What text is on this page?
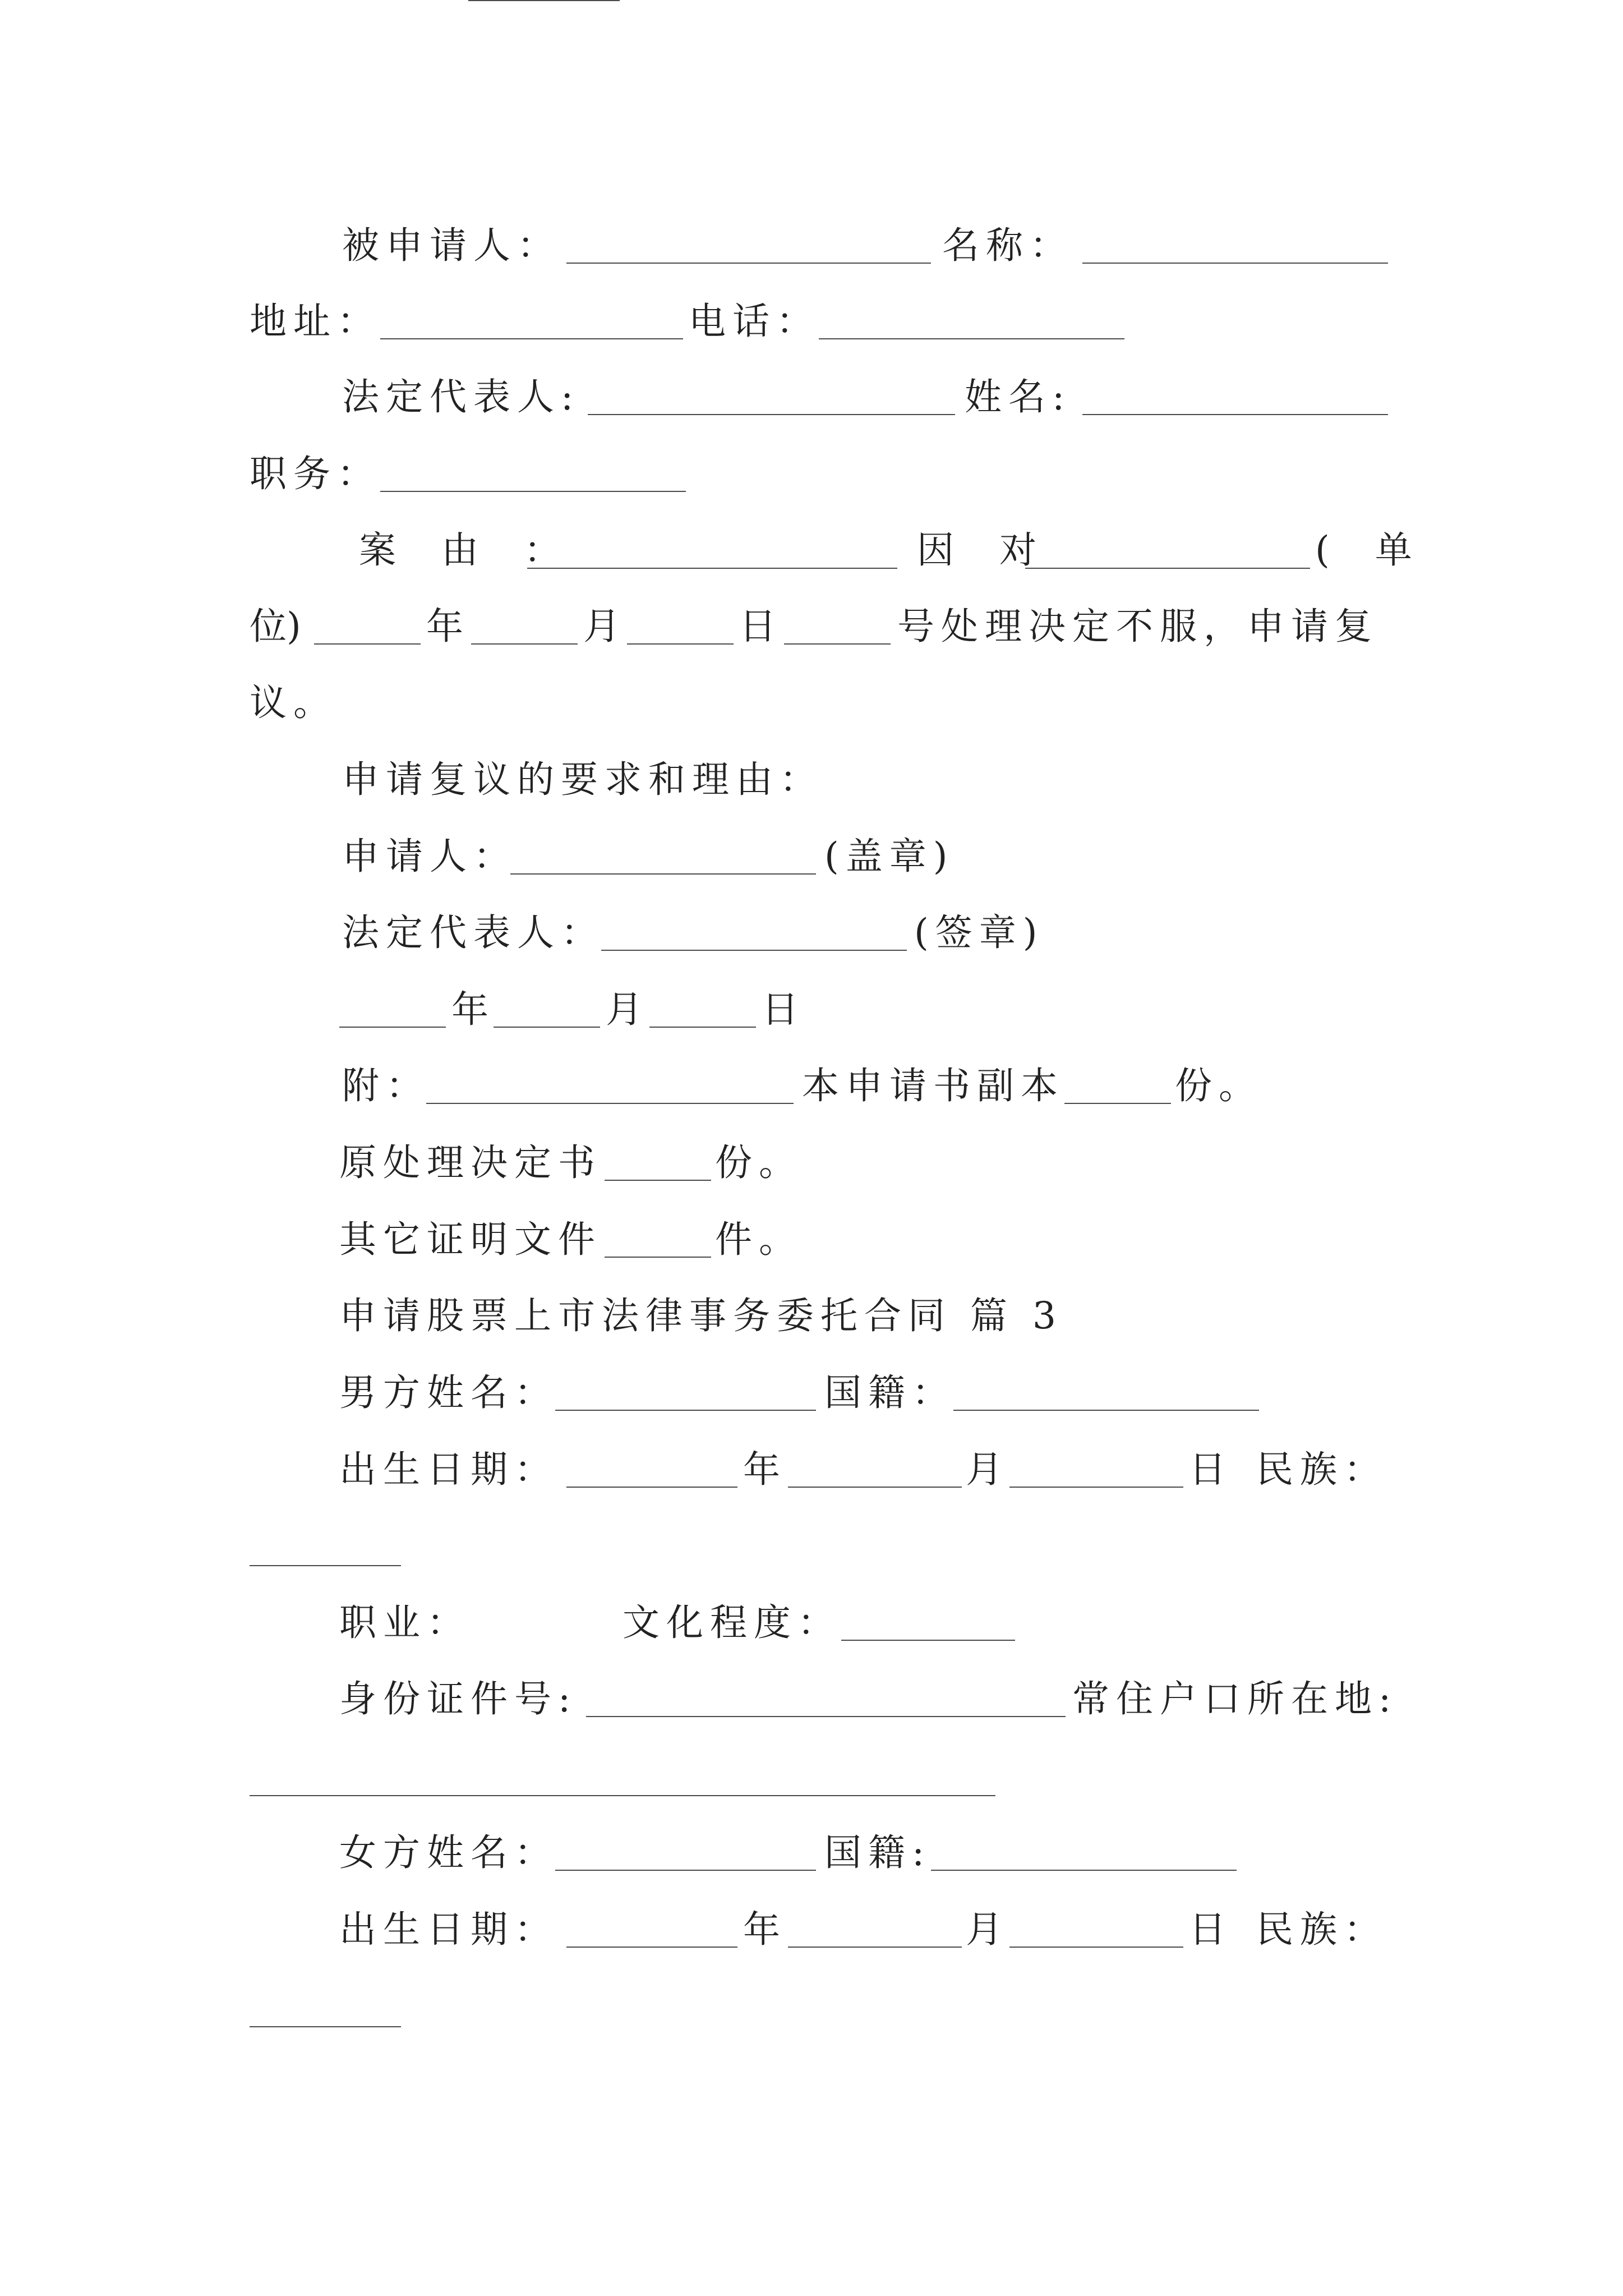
被申请人：	名称：
地址：	电话：
法定代表人:	姓名:
职务：
案 由 ：	因 对	( 单
位)	年	月	日	号处理决定不服，申请复
议。
申请复议的要求和理由：
申请人：	(盖章)
法定代表人：	(签章)
年	月	日
附：	本申请书副本	份。
原处理决定书	份。
其它证明文件	件。
申请股票上市法律事务委托合同 篇 3
男方姓名：	国籍：
出生日期：	年	月	日 民族：
职业：	文化程度：
身份证件号:	常住户口所在地:
女方姓名：	国籍:
出生日期：	年	月	日 民族：
